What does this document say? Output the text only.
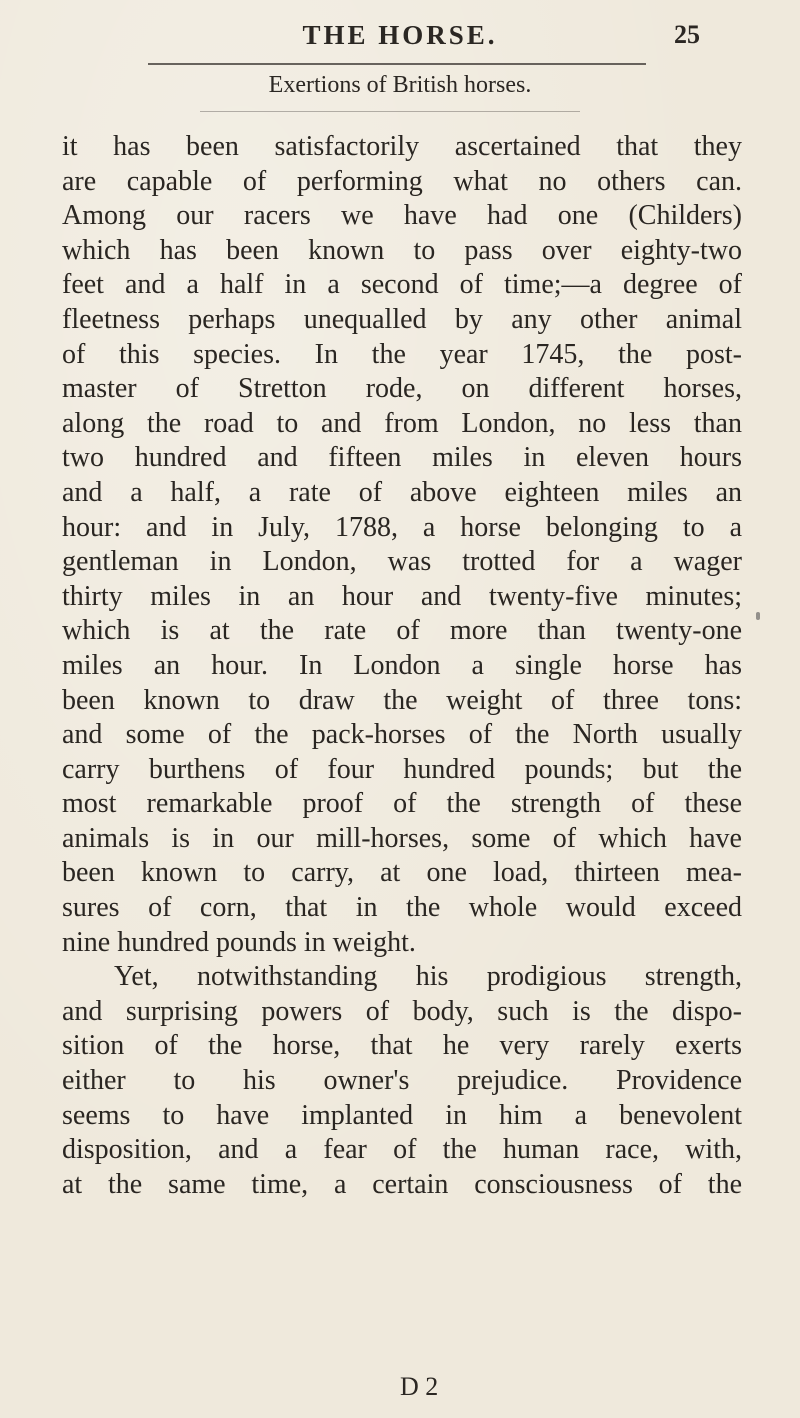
THE HORSE.	25
Exertions of British horses.
it has been satisfactorily ascertained that they
are capable of performing what no others can.
Among our racers we have had one (Childers)
which has been known to pass over eighty-two
feet and a half in a second of time;—a degree of
fleetness perhaps unequalled by any other animal
of this species. In the year 1745, the post-
master of Stretton rode, on different horses,
along the road to and from London, no less than
two hundred and fifteen miles in eleven hours
and a half, a rate of above eighteen miles an
hour: and in July, 1788, a horse belonging to a
gentleman in London, was trotted for a wager
thirty miles in an hour and twenty-five minutes;
which is at the rate of more than twenty-one
miles an hour. In London a single horse has
been known to draw the weight of three tons:
and some of the pack-horses of the North usually
carry burthens of four hundred pounds; but the
most remarkable proof of the strength of these
animals is in our mill-horses, some of which have
been known to carry, at one load, thirteen mea-
sures of corn, that in the whole would exceed
nine hundred pounds in weight.
Yet, notwithstanding his prodigious strength,
and surprising powers of body, such is the dispo-
sition of the horse, that he very rarely exerts
either to his owner's prejudice. Providence
seems to have implanted in him a benevolent
disposition, and a fear of the human race, with,
at the same time, a certain consciousness of the
D 2
